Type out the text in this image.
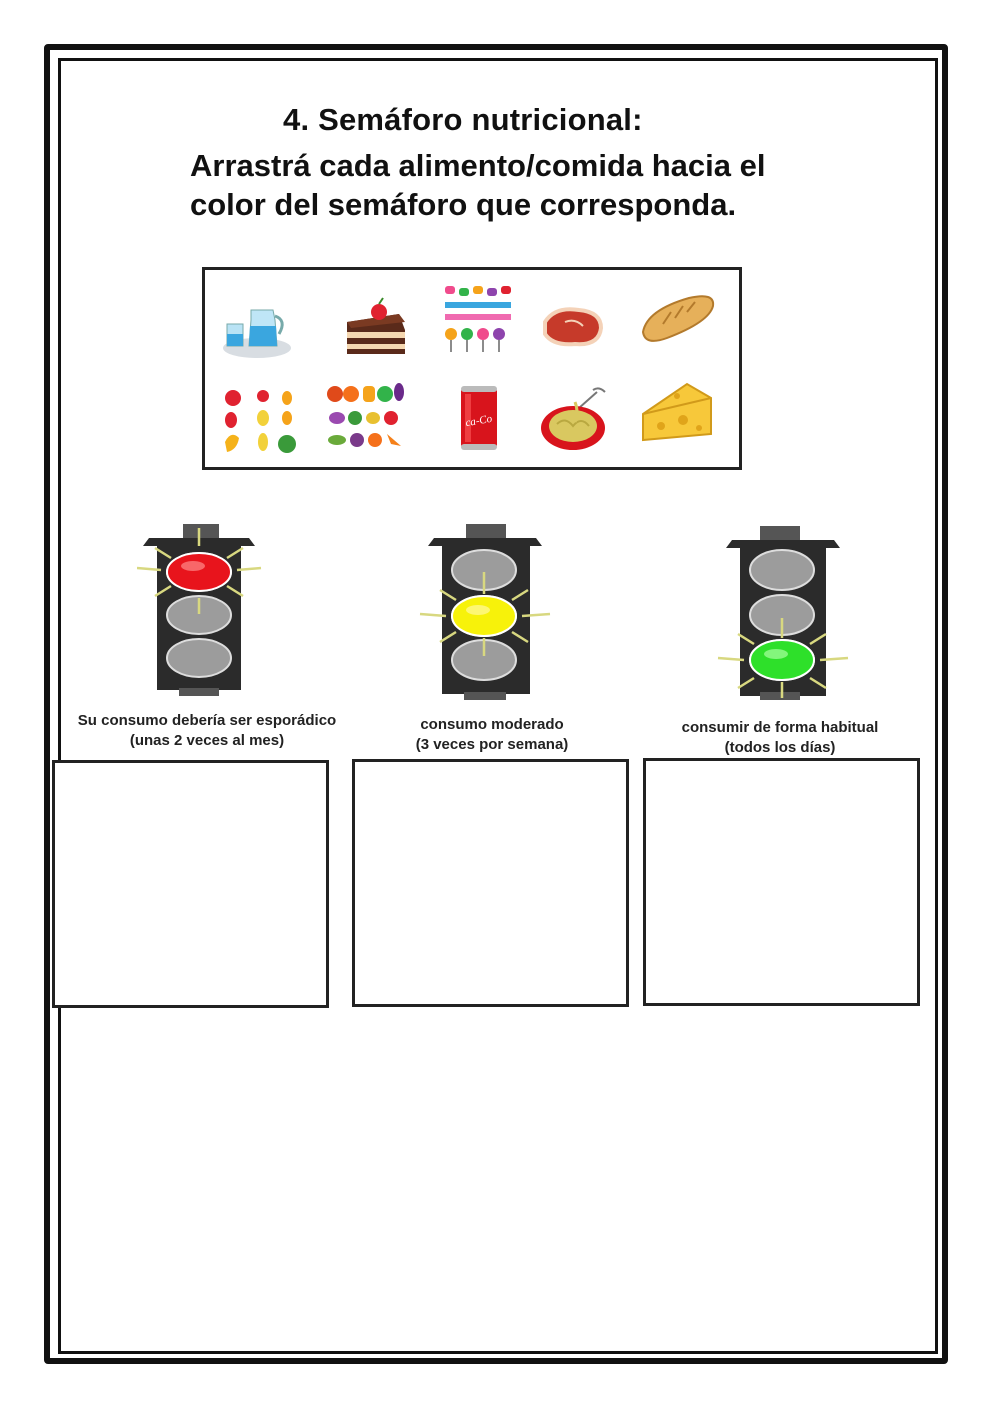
4. Semáforo nutricional:
Arrastrá cada alimento/comida hacia el
color del semáforo que corresponda.
ca-Co
Su consumo debería ser esporádico
(unas 2 veces al mes)
consumo moderado
(3 veces por semana)
consumir de forma habitual
(todos los días)
